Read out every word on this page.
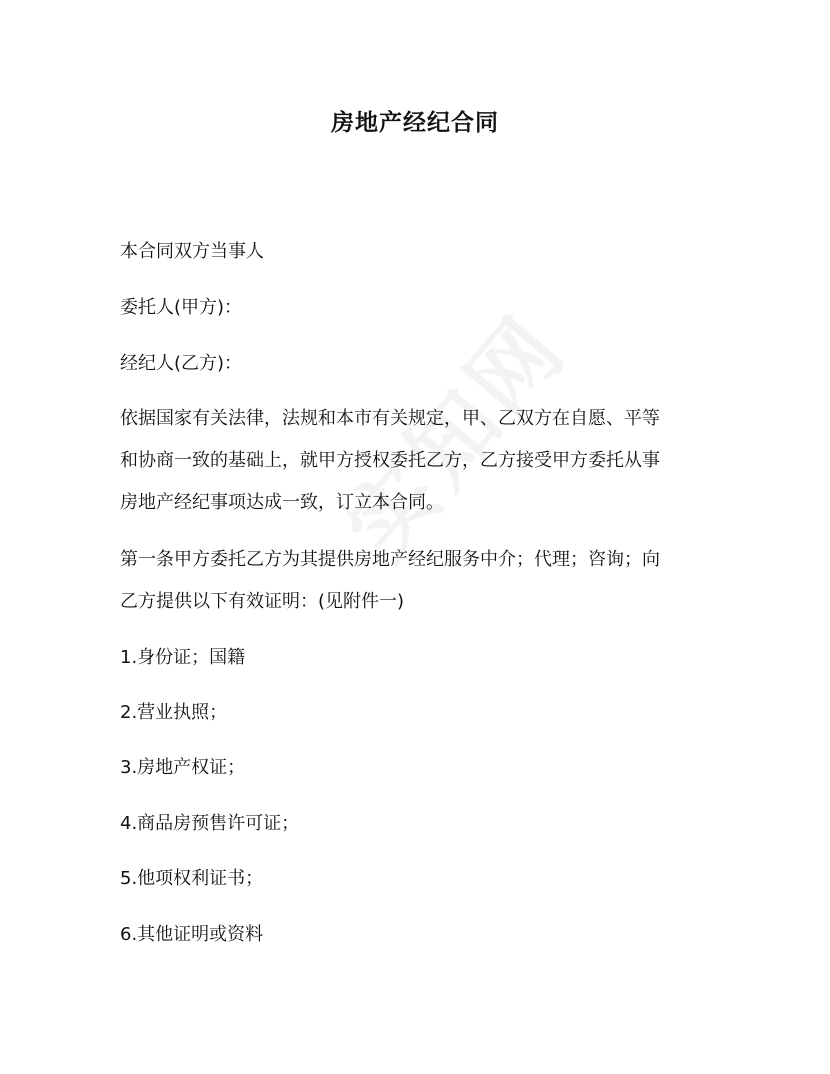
房地产经纪合同

本合同双方当事人

委托人(甲方)：

经纪人(乙方)：

依据国家有关法律，法规和本市有关规定，甲、乙双方在自愿、平等
和协商一致的基础上，就甲方授权委托乙方，乙方接受甲方委托从事
房地产经纪事项达成一致，订立本合同。
第一条甲方委托乙方为其提供房地产经纪服务中介；代理；咨询；向
乙方提供以下有效证明：(见附件一)

1.身份证；国籍

2.营业执照；

3.房地产权证；

4.商品房预售许可证；

5.他项权利证书；

6.其他证明或资料
